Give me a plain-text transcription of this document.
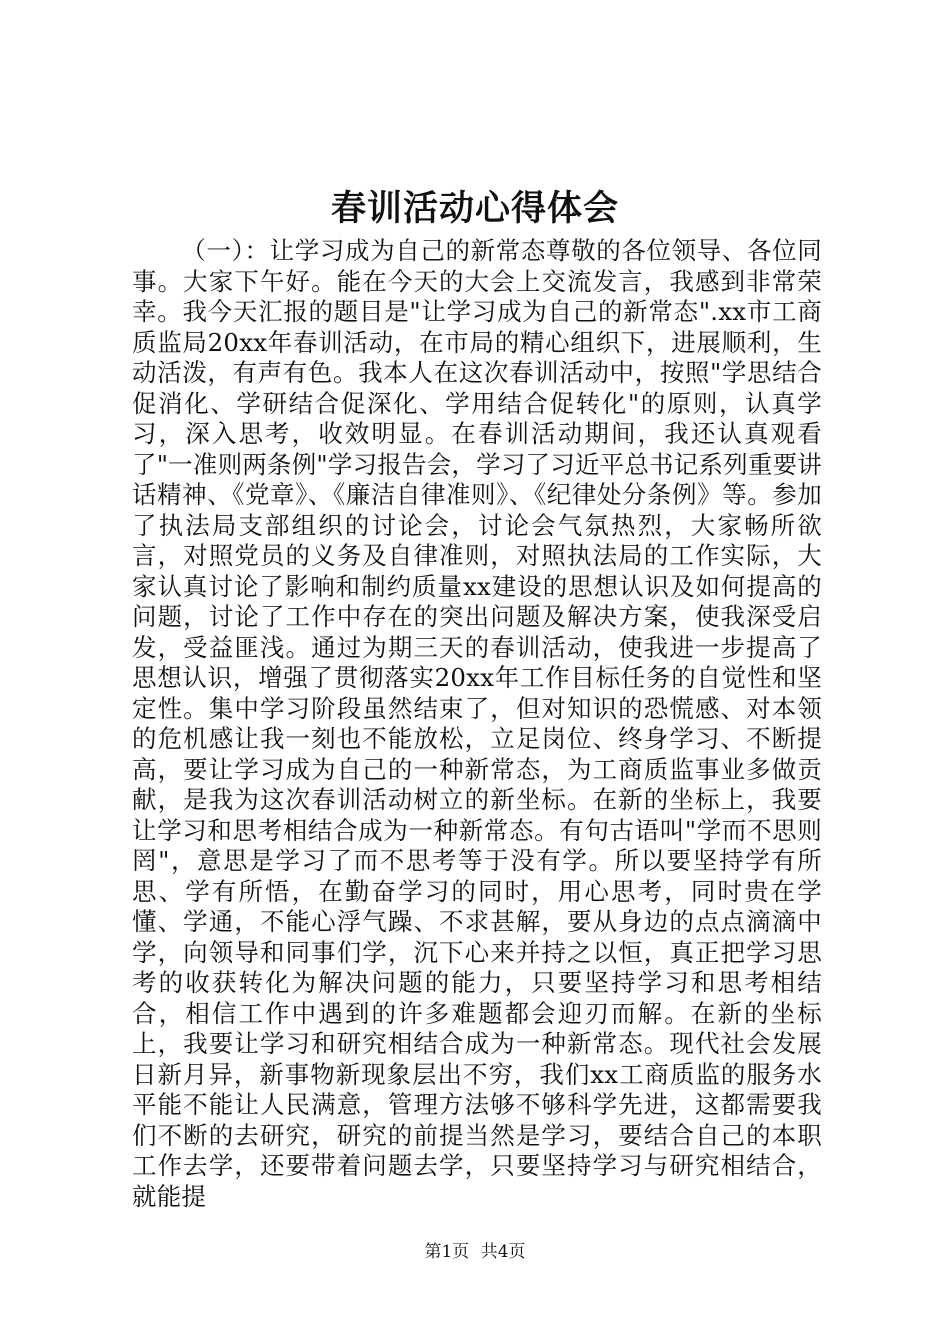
春训活动心得体会

（一）：让学习成为自己的新常态尊敬的各位领导、各位同事。大家下午好。能在今天的大会上交流发言，我感到非常荣幸。我今天汇报的题目是"让学习成为自己的新常态".xx市工商质监局20xx年春训活动，在市局的精心组织下，进展顺利，生动活泼，有声有色。我本人在这次春训活动中，按照"学思结合促消化、学研结合促深化、学用结合促转化"的原则，认真学习，深入思考，收效明显。在春训活动期间，我还认真观看了"一准则两条例"学习报告会，学习了习近平总书记系列重要讲话精神、《党章》、《廉洁自律准则》、《纪律处分条例》等。参加了执法局支部组织的讨论会，讨论会气氛热烈，大家畅所欲言，对照党员的义务及自律准则，对照执法局的工作实际，大家认真讨论了影响和制约质量xx建设的思想认识及如何提高的问题，讨论了工作中存在的突出问题及解决方案，使我深受启发，受益匪浅。通过为期三天的春训活动，使我进一步提高了思想认识，增强了贯彻落实20xx年工作目标任务的自觉性和坚定性。集中学习阶段虽然结束了，但对知识的恐慌感、对本领的危机感让我一刻也不能放松，立足岗位、终身学习、不断提高，要让学习成为自己的一种新常态，为工商质监事业多做贡献，是我为这次春训活动树立的新坐标。在新的坐标上，我要让学习和思考相结合成为一种新常态。有句古语叫"学而不思则罔"，意思是学习了而不思考等于没有学。所以要坚持学有所思、学有所悟，在勤奋学习的同时，用心思考，同时贵在学懂、学通，不能心浮气躁、不求甚解，要从身边的点点滴滴中学，向领导和同事们学，沉下心来并持之以恒，真正把学习思考的收获转化为解决问题的能力，只要坚持学习和思考相结合，相信工作中遇到的许多难题都会迎刃而解。在新的坐标上，我要让学习和研究相结合成为一种新常态。现代社会发展日新月异，新事物新现象层出不穷，我们xx工商质监的服务水平能不能让人民满意，管理方法够不够科学先进，这都需要我们不断的去研究，研究的前提当然是学习，要结合自己的本职工作去学，还要带着问题去学，只要坚持学习与研究相结合，就能提

第1页 共4页
